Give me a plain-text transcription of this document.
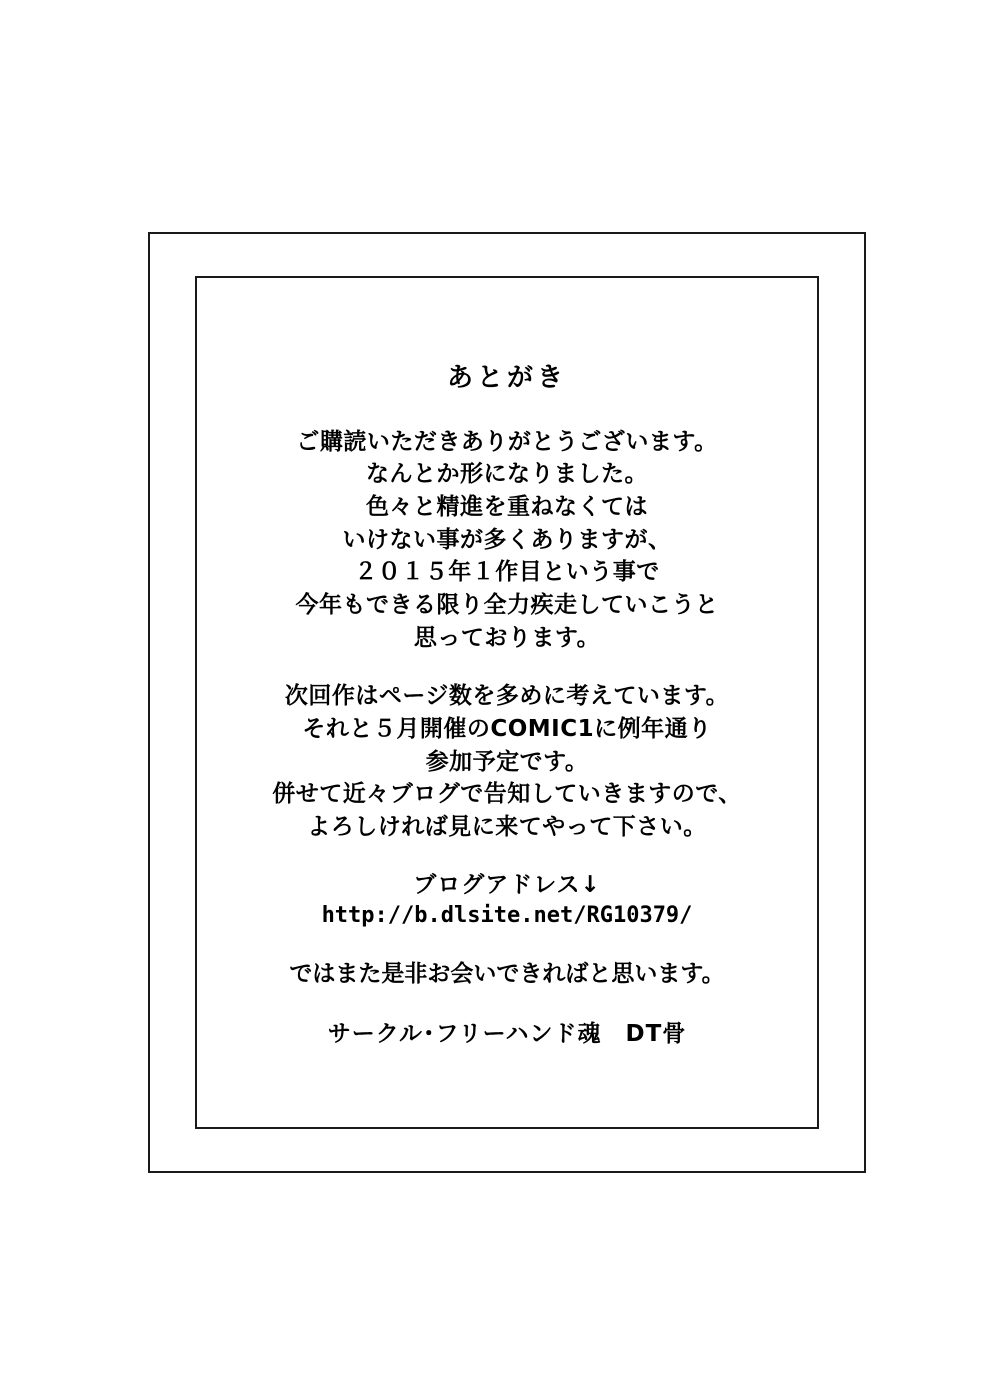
あとがき
ご購読いただきありがとうございます。
なんとか形になりました。
色々と精進を重ねなくては
いけない事が多くありますが、
２０１５年１作目という事で
今年もできる限り全力疾走していこうと
思っております。
次回作はページ数を多めに考えています。
それと５月開催のCOMIC1に例年通り
参加予定です。
併せて近々ブログで告知していきますので、
よろしければ見に来てやって下さい。
ブログアドレス↓
http://b.dlsite.net/RG10379/
ではまた是非お会いできればと思います。
サークル･フリーハンド魂　DT骨
